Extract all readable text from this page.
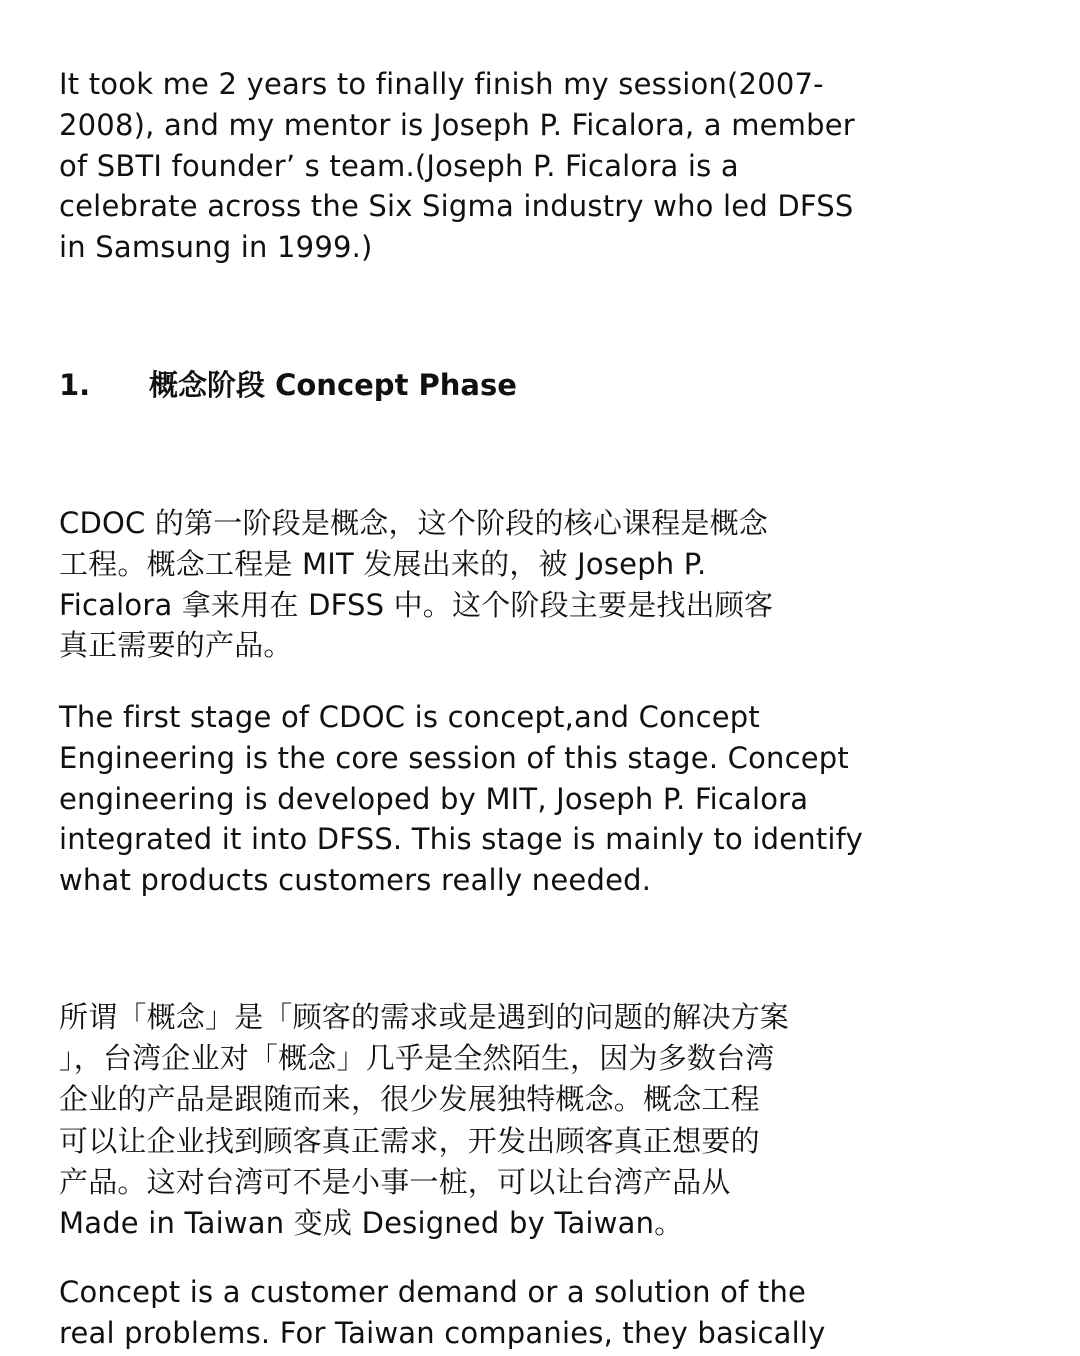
It took me 2 years to finally finish my session(2007-
2008), and my mentor is Joseph P. Ficalora, a member
of SBTI founder’ s team.(Joseph P. Ficalora is a
celebrate across the Six Sigma industry who led DFSS
in Samsung in 1999.)

1. 概念阶段 Concept Phase

CDOC 的第一阶段是概念，这个阶段的核心课程是概念
工程。概念工程是 MIT 发展出来的，被 Joseph P.
Ficalora 拿来用在 DFSS 中。这个阶段主要是找出顾客
真正需要的产品。

The first stage of CDOC is concept,and Concept
Engineering is the core session of this stage. Concept
engineering is developed by MIT, Joseph P. Ficalora
integrated it into DFSS. This stage is mainly to identify
what products customers really needed.

所谓「概念」是「顾客的需求或是遇到的问题的解决方案
」，台湾企业对「概念」几乎是全然陌生，因为多数台湾
企业的产品是跟随而来，很少发展独特概念。概念工程
可以让企业找到顾客真正需求，开发出顾客真正想要的
产品。这对台湾可不是小事一桩，可以让台湾产品从
Made in Taiwan 变成 Designed by Taiwan。

Concept is a customer demand or a solution of the
real problems. For Taiwan companies, they basically
